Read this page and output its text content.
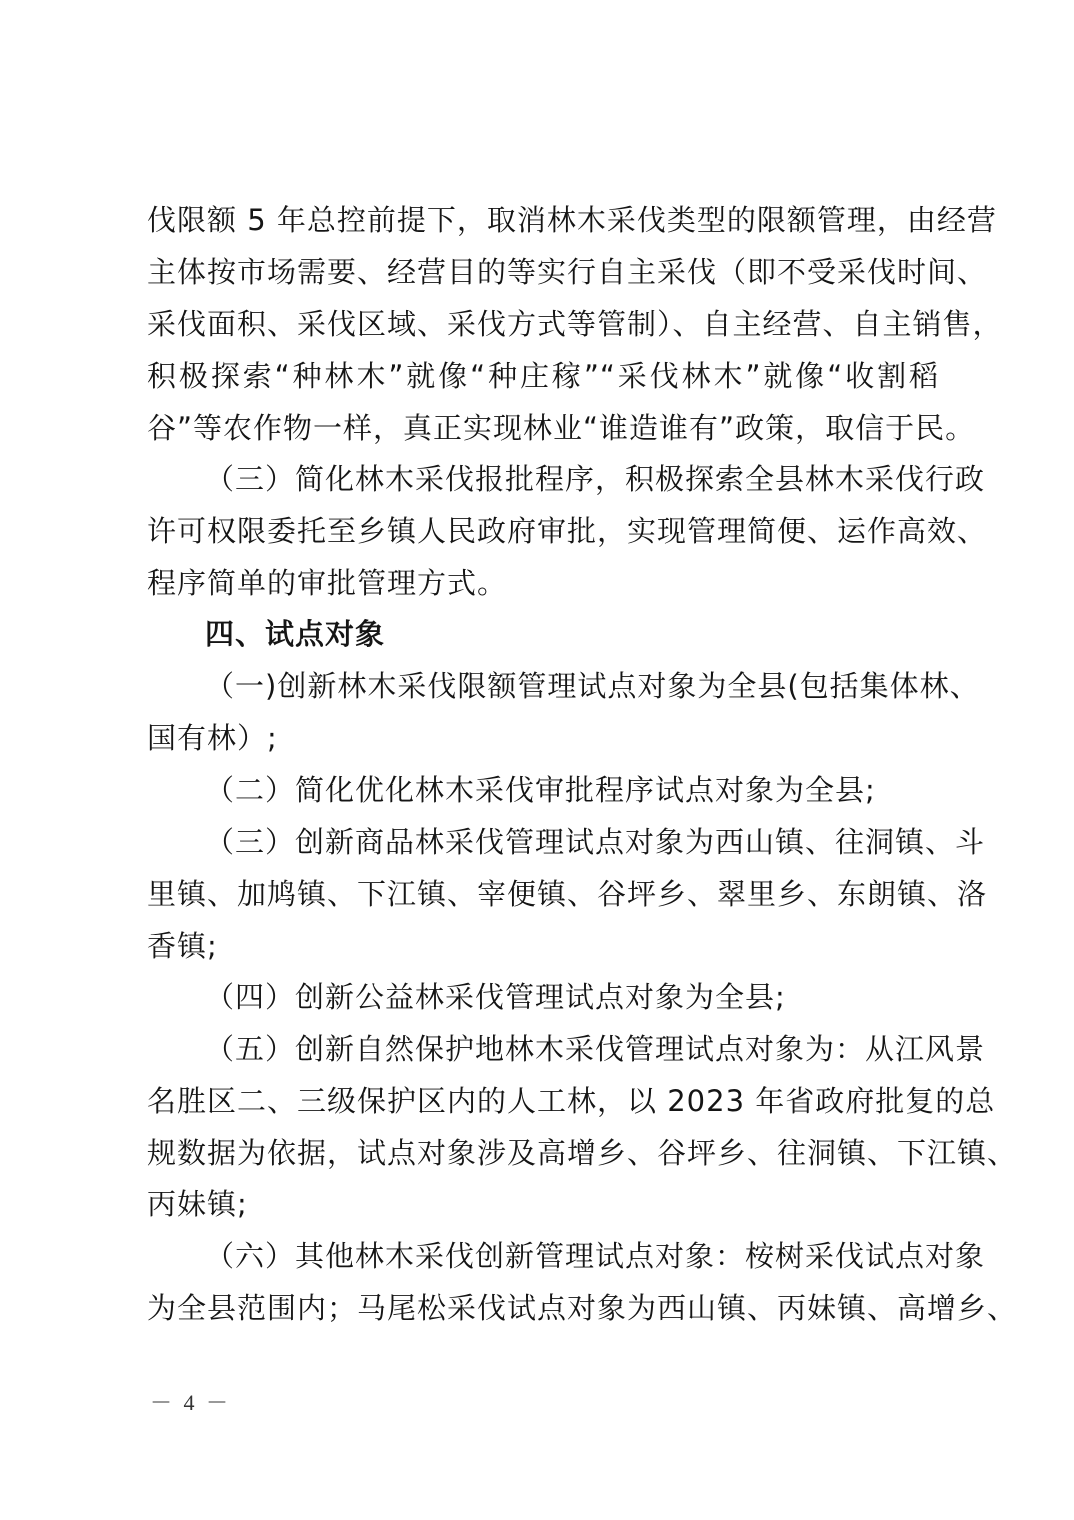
伐限额 5 年总控前提下，取消林木采伐类型的限额管理，由经营
主体按市场需要、经营目的等实行自主采伐（即不受采伐时间、
采伐面积、采伐区域、采伐方式等管制）、自主经营、自主销售，
积极探索“种林木”就像“种庄稼”“采伐林木”就像“收割稻
谷”等农作物一样，真正实现林业“谁造谁有”政策，取信于民。
（三）简化林木采伐报批程序，积极探索全县林木采伐行政
许可权限委托至乡镇人民政府审批，实现管理简便、运作高效、
程序简单的审批管理方式。
四、试点对象
（一)创新林木采伐限额管理试点对象为全县(包括集体林、
国有林）;
（二）简化优化林木采伐审批程序试点对象为全县;
（三）创新商品林采伐管理试点对象为西山镇、往洞镇、斗
里镇、加鸠镇、下江镇、宰便镇、谷坪乡、翠里乡、东朗镇、洛
香镇;
（四）创新公益林采伐管理试点对象为全县;
（五）创新自然保护地林木采伐管理试点对象为：从江风景
名胜区二、三级保护区内的人工林，以 2023 年省政府批复的总
规数据为依据，试点对象涉及高增乡、谷坪乡、往洞镇、下江镇、
丙妹镇;
（六）其他林木采伐创新管理试点对象：桉树采伐试点对象
为全县范围内；马尾松采伐试点对象为西山镇、丙妹镇、高增乡、
－ 4 －
